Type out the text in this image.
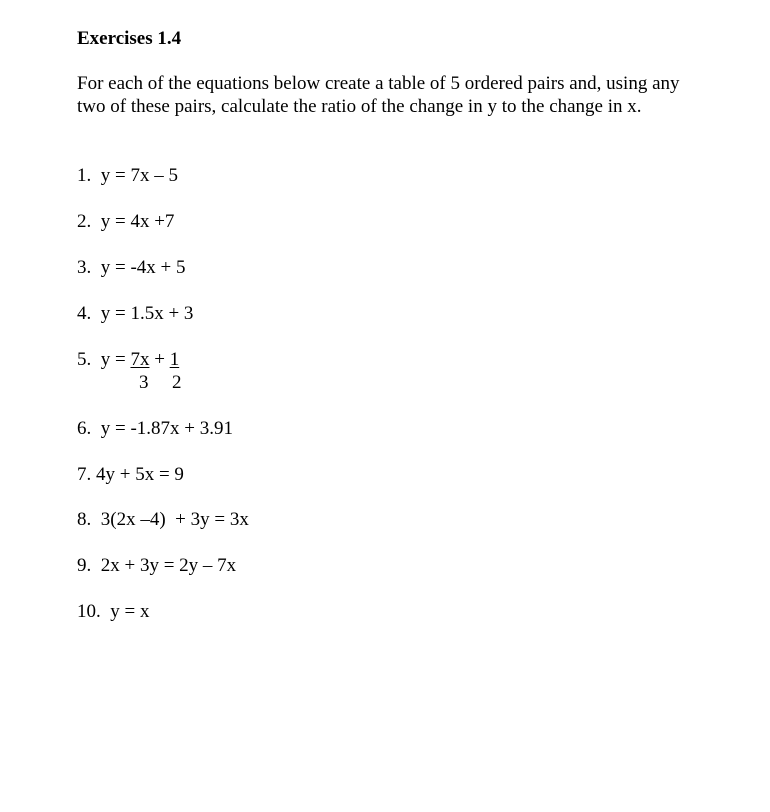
Exercises 1.4

For each of the equations below create a table of 5 ordered pairs and, using any two of these pairs, calculate the ratio of the change in y to the change in x.

1. y = 7x – 5
2. y = 4x +7
3. y = -4x + 5
4. y = 1.5x + 3
5. y = 7x + 1
3 2
6. y = -1.87x + 3.91
7. 4y + 5x = 9
8. 3(2x –4)  + 3y = 3x
9. 2x + 3y = 2y – 7x
10. y = x
